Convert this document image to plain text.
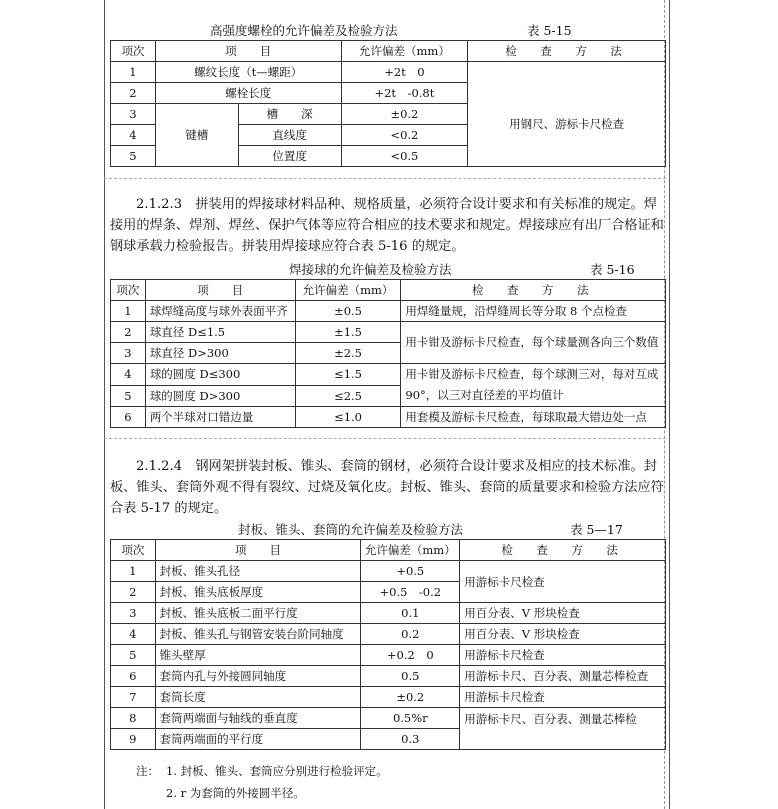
高强度螺栓的允许偏差及检验方法	表 5-15
项次	项　　目		允许偏差（mm）	检　查　方　法
1	螺纹长度（t—螺距）		+2t　0	
2	螺栓长度		+2t　-0.8t	用钢尺、游标卡尺检查
3	键槽	槽　　深	±0.2	
4		直线度	<0.2	
5		位置度	<0.5	
2.1.2.3　拼装用的焊接球材料品种、规格质量，必须符合设计要求和有关标准的规定。焊接用的焊条、焊剂、焊丝、保护气体等应符合相应的技术要求和规定。焊接球应有出厂合格证和钢球承载力检验报告。拼装用焊接球应符合表 5-16 的规定。
焊接球的允许偏差及检验方法	表 5-16
项次	项　　目	允许偏差（mm）	检　查　方　法
1	球焊缝高度与球外表面平齐	±0.5	用焊缝量规，沿焊缝周长等分取 8 个点检查
2	球直径 D≤1.5	±1.5	用卡钳及游标卡尺检查，每个球量测各向三个数值
3	球直径 D>300	±2.5	
4	球的圆度 D≤300	≤1.5	用卡钳及游标卡尺检查，每个球测三对，每对互成 90°，以三对直径差的平均值计
5	球的圆度 D>300	≤2.5	
6	两个半球对口错边量	≤1.0	用套模及游标卡尺检查，每球取最大错边处一点
2.1.2.4　钢网架拼装封板、锥头、套筒的钢材，必须符合设计要求及相应的技术标准。封板、锥头、套筒外观不得有裂纹、过烧及氧化皮。封板、锥头、套筒的质量要求和检验方法应符合表 5-17 的规定。
封板、锥头、套筒的允许偏差及检验方法	表 5—17
项次	项　　目	允许偏差（mm）	检　查　方　法
1	封板、锥头孔径	+0.5	用游标卡尺检查
2	封板、锥头底板厚度	+0.5　-0.2	
3	封板、锥头底板二面平行度	0.1	用百分表、V 形块检查
4	封板、锥头孔与钢管安装台阶同轴度	0.2	用百分表、V 形块检查
5	锥头壁厚	+0.2　0	用游标卡尺检查
6	套筒内孔与外接圆同轴度	0.5	用游标卡尺、百分表、测量芯棒检查
7	套筒长度	±0.2	用游标卡尺检查
8	套筒两端面与轴线的垂直度	0.5%r	用游标卡尺、百分表、测量芯棒检
9	套筒两端面的平行度	0.3	
注： 1. 封板、锥头、套筒应分别进行检验评定。
2. r 为套筒的外接圆半径。
